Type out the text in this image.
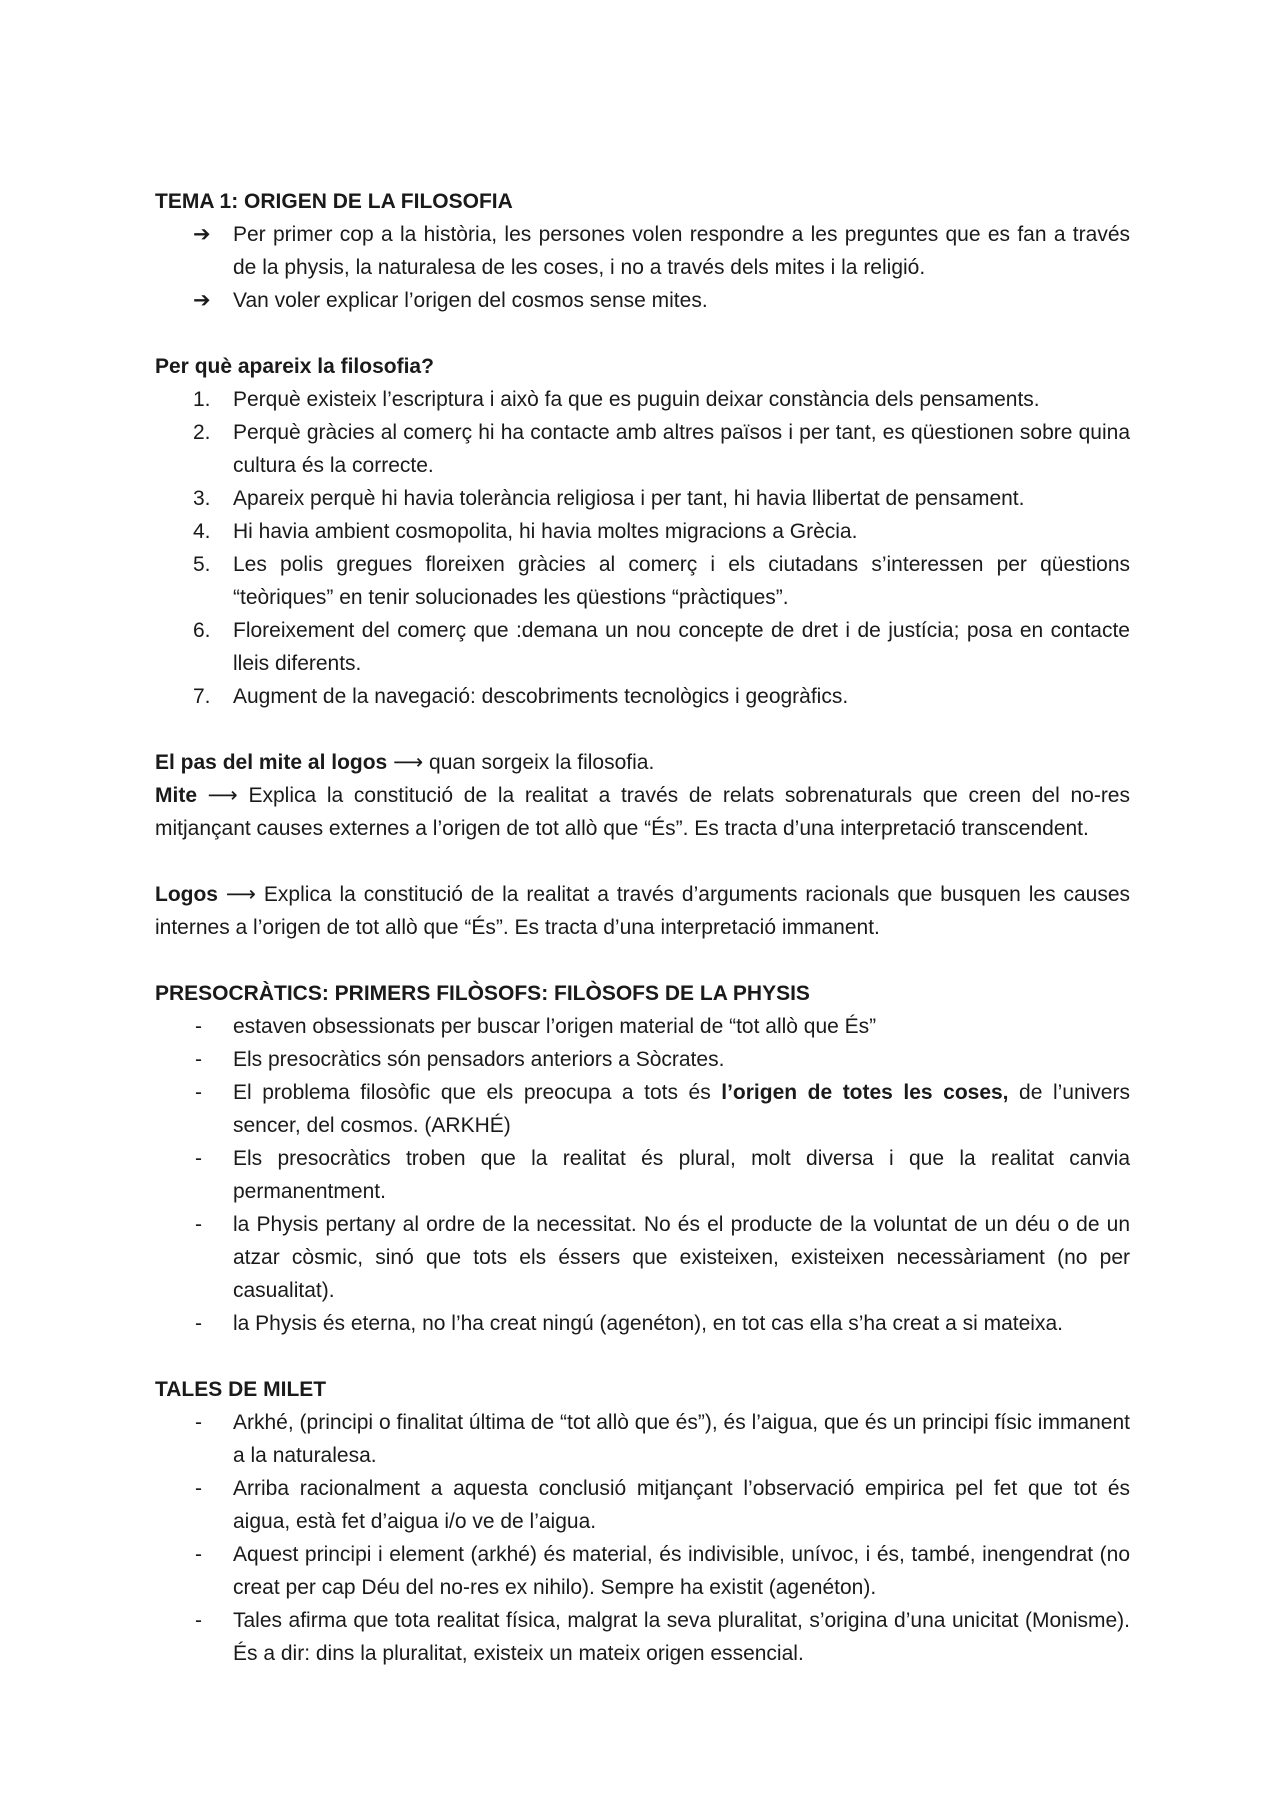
TEMA 1: ORIGEN DE LA FILOSOFIA

➔	Per primer cop a la història, les persones volen respondre a les preguntes que es fan a través de la physis, la naturalesa de les coses, i no a través dels mites i la religió.
➔	Van voler explicar l’origen del cosmos sense mites.

Per què apareix la filosofia?

1.	Perquè existeix l’escriptura i això fa que es puguin deixar constància dels pensaments.
2.	Perquè gràcies al comerç hi ha contacte amb altres països i per tant, es qüestionen sobre quina cultura és la correcte.
3.	Apareix perquè hi havia tolerància religiosa i per tant, hi havia llibertat de pensament.
4.	Hi havia ambient cosmopolita, hi havia moltes migracions a Grècia.
5.	Les polis gregues floreixen gràcies al comerç i els ciutadans s’interessen per qüestions “teòriques” en tenir solucionades les qüestions “pràctiques”.
6.	Floreixement del comerç que :demana un nou concepte de dret i de justícia; posa en contacte lleis diferents.
7.	Augment de la navegació: descobriments tecnològics i geogràfics.

El pas del mite al logos ⟶ quan sorgeix la filosofia.

Mite ⟶ Explica la constitució de la realitat a través de relats sobrenaturals que creen del no-res mitjançant causes externes a l’origen de tot allò que “És”. Es tracta d’una interpretació transcendent.

Logos ⟶ Explica la constitució de la realitat a través d’arguments racionals que busquen les causes internes a l’origen de tot allò que “És”. Es tracta d’una interpretació immanent.

PRESOCRÀTICS: PRIMERS FILÒSOFS: FILÒSOFS DE LA PHYSIS

-	estaven obsessionats per buscar l’origen material de “tot allò que És”
-	Els presocràtics són pensadors anteriors a Sòcrates.
-	El problema filosòfic que els preocupa a tots és l’origen de totes les coses, de l’univers sencer, del cosmos. (ARKHÉ)
-	Els presocràtics troben que la realitat és plural, molt diversa i que la realitat canvia permanentment.
-	la Physis pertany al ordre de la necessitat. No és el producte de la voluntat de un déu o de un atzar còsmic, sinó que tots els éssers que existeixen, existeixen necessàriament (no per casualitat).
-	la Physis és eterna, no l’ha creat ningú (agenéton), en tot cas ella s’ha creat a si mateixa.

TALES DE MILET

-	Arkhé, (principi o finalitat última de “tot allò que és”), és l’aigua, que és un principi físic immanent a la naturalesa.
-	Arriba racionalment a aquesta conclusió mitjançant l’observació empirica pel fet que tot és aigua, està fet d’aigua i/o ve de l’aigua.
-	Aquest principi i element (arkhé) és material, és indivisible, unívoc, i és, també, inengendrat (no creat per cap Déu del no-res ex nihilo). Sempre ha existit (agenéton).
-	Tales afirma que tota realitat física, malgrat la seva pluralitat, s’origina d’una unicitat (Monisme). És a dir: dins la pluralitat, existeix un mateix origen essencial.
